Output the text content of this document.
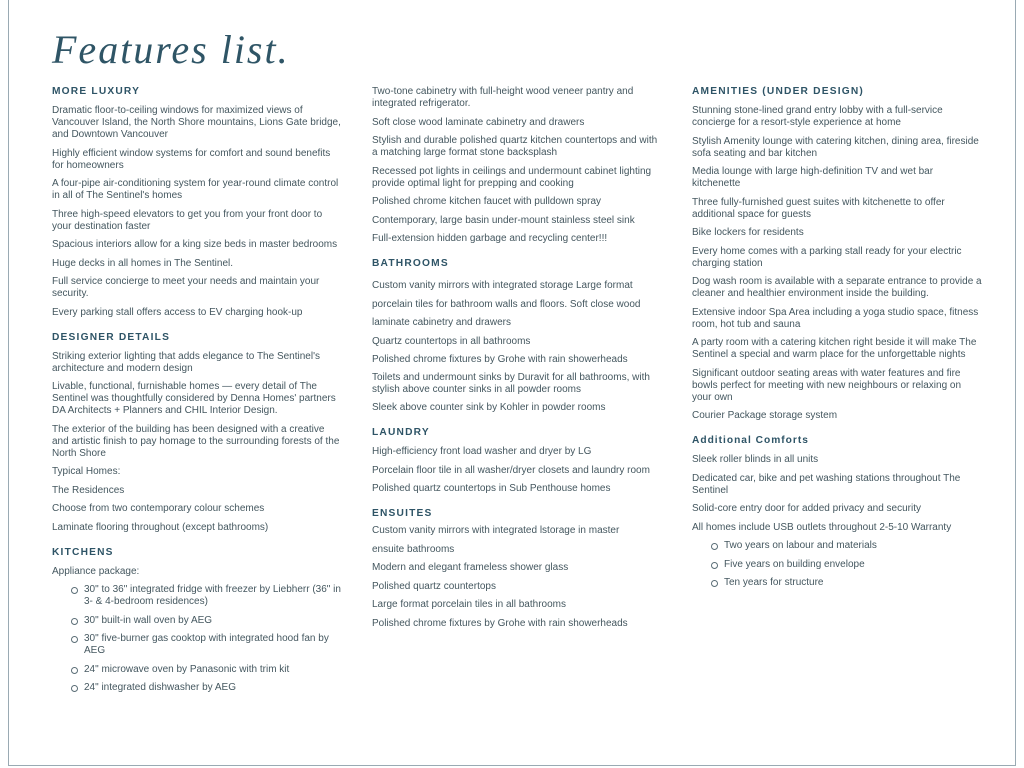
Features list.
MORE LUXURY
Dramatic floor-to-ceiling windows for maximized views of Vancouver Island, the North Shore mountains, Lions Gate bridge, and Downtown Vancouver
Highly efficient window systems for comfort and sound benefits for homeowners
A four-pipe air-conditioning system for year-round climate control in all of The Sentinel's homes
Three high-speed elevators to get you from your front door to your destination faster
Spacious interiors allow for a king size beds in master bedrooms
Huge decks in all homes in The Sentinel.
Full service concierge to meet your needs and maintain your security.
Every parking stall offers access to EV charging hook-up
DESIGNER DETAILS
Striking exterior lighting that adds elegance to The Sentinel's architecture and modern design
Livable, functional, furnishable homes — every detail of The Sentinel was thoughtfully considered by Denna Homes' partners DA Architects + Planners and CHIL Interior Design.
The exterior of the building has been designed with a creative and artistic finish to pay homage to the surrounding forests of the North Shore
Typical Homes:
The Residences
Choose from two contemporary colour schemes
Laminate flooring throughout (except bathrooms)
KITCHENS
Appliance package:
30" to 36" integrated fridge with freezer by Liebherr (36" in 3- & 4-bedroom residences)
30" built-in wall oven by AEG
30" five-burner gas cooktop with integrated hood fan by AEG
24" microwave oven by Panasonic with trim kit
24" integrated dishwasher by AEG
Two-tone cabinetry with full-height wood veneer pantry and integrated refrigerator.
Soft close wood laminate cabinetry and drawers
Stylish and durable polished quartz kitchen countertops and with a matching large format stone backsplash
Recessed pot lights in ceilings and undermount cabinet lighting provide optimal light for prepping and cooking
Polished chrome kitchen faucet with pulldown spray
Contemporary, large basin under-mount stainless steel sink
Full-extension hidden garbage and recycling center!!!
BATHROOMS
Custom vanity mirrors with integrated storage Large format
porcelain tiles for bathroom walls and floors. Soft close wood
laminate cabinetry and drawers
Quartz countertops in all bathrooms
Polished chrome fixtures by Grohe with rain showerheads
Toilets and undermount sinks by Duravit for all bathrooms, with stylish above counter sinks in all powder rooms
Sleek above counter sink by Kohler in powder rooms
LAUNDRY
High-efficiency front load washer and dryer by LG
Porcelain floor tile in all washer/dryer closets and laundry room
Polished quartz countertops in Sub Penthouse homes
ENSUITES
Custom vanity mirrors with integrated lstorage in master
ensuite bathrooms
Modern and elegant frameless shower glass
Polished quartz countertops
Large format porcelain tiles in all bathrooms
Polished chrome fixtures by Grohe with rain showerheads
AMENITIES (UNDER DESIGN)
Stunning stone-lined grand entry lobby with a full-service concierge for a resort-style experience at home
Stylish Amenity lounge with catering kitchen, dining area, fireside sofa seating and bar kitchen
Media lounge with large high-definition TV and wet bar kitchenette
Three fully-furnished guest suites with kitchenette to offer additional space for guests
Bike lockers for residents
Every home comes with a parking stall ready for your electric charging station
Dog wash room is available with a separate entrance to provide a cleaner and healthier environment inside the building.
Extensive indoor Spa Area including a yoga studio space, fitness room, hot tub and sauna
A party room with a catering kitchen right beside it will make The Sentinel a special and warm place for the unforgettable nights
Significant outdoor seating areas with water features and fire bowls perfect for meeting with new neighbours or relaxing on your own
Courier Package storage system
Additional Comforts
Sleek roller blinds in all units
Dedicated car, bike and pet washing stations throughout The Sentinel
Solid-core entry door for added privacy and security
All homes include USB outlets throughout 2-5-10 Warranty
Two years on labour and materials
Five years on building envelope
Ten years for structure
